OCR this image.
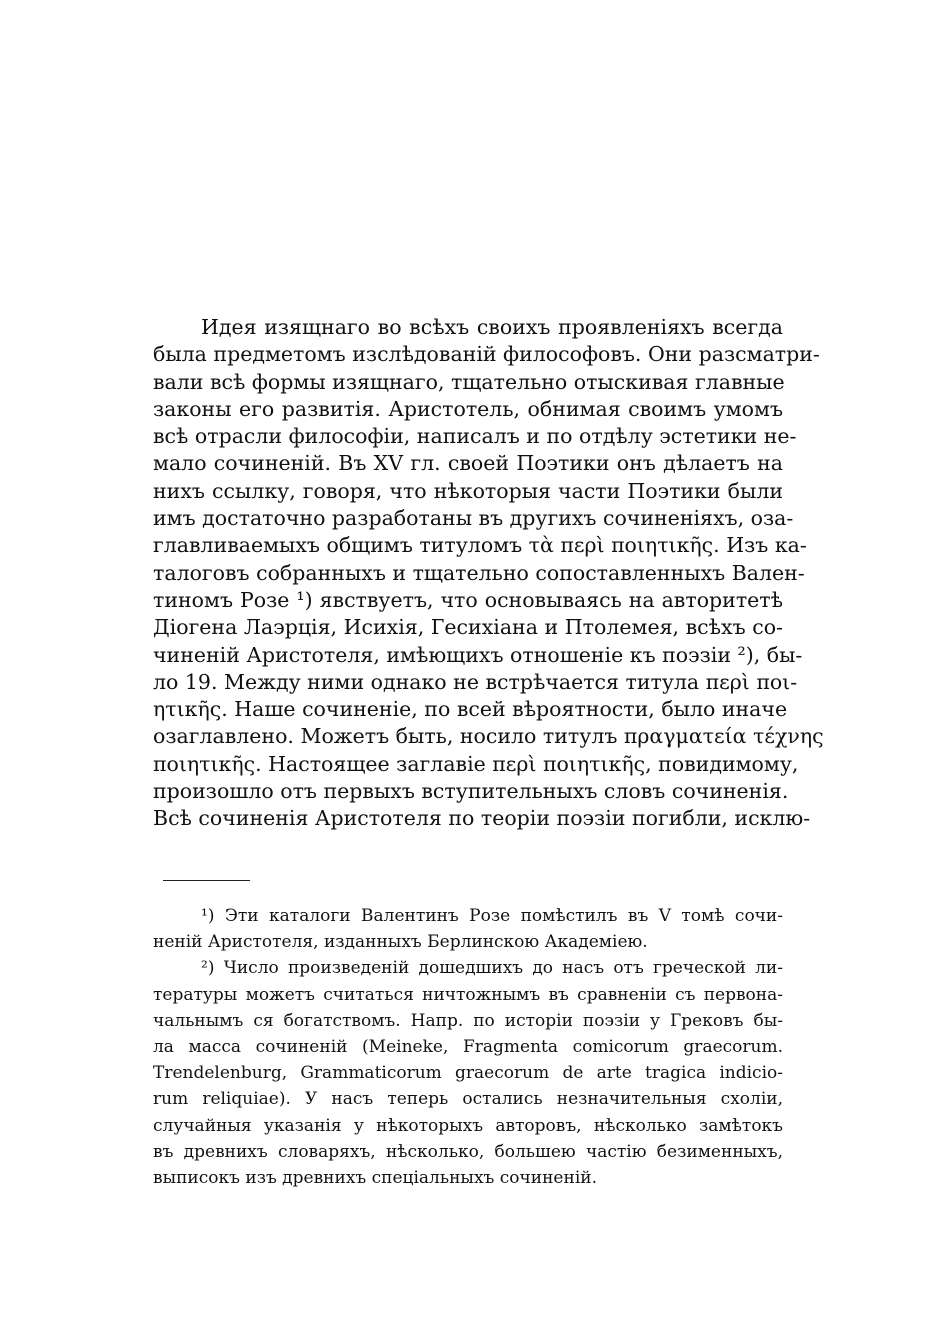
Идея изящнаго во всѣхъ своихъ проявленіяхъ всегда
была предметомъ изслѣдованій философовъ. Они разсматри-
вали всѣ формы изящнаго, тщательно отыскивая главные
законы его развитія. Аристотель, обнимая своимъ умомъ
всѣ отрасли философіи, написалъ и по отдѣлу эстетики не-
мало сочиненій. Въ XV гл. своей Поэтики онъ дѣлаетъ на
нихъ ссылку, говоря, что нѣкоторыя части Поэтики были
имъ достаточно разработаны въ другихъ сочиненіяхъ, оза-
главливаемыхъ общимъ титуломъ τὰ περὶ ποιητικῆς. Изъ ка-
талоговъ собранныхъ и тщательно сопоставленныхъ Вален-
тиномъ Розе ¹) явствуетъ, что основываясь на авторитетѣ
Діогена Лаэрція, Исихія, Гесихіана и Птолемея, всѣхъ со-
чиненій Аристотеля, имѣющихъ отношеніе къ поэзіи ²), бы-
ло 19. Между ними однако не встрѣчается титула περὶ ποι-
ητικῆς. Наше сочиненіе, по всей вѣроятности, было иначе
озаглавлено. Можетъ быть, носило титулъ πραγματεία τέχνης
ποιητικῆς. Настоящее заглавіе περὶ ποιητικῆς, повидимому,
произошло отъ первыхъ вступительныхъ словъ сочиненія.
Всѣ сочиненія Аристотеля по теоріи поэзіи погибли, исклю-
¹) Эти каталоги Валентинъ Розе помѣстилъ въ V томѣ сочи-
неній Аристотеля, изданныхъ Берлинскою Академіею.
²) Число произведеній дошедшихъ до насъ отъ греческой ли-
тературы можетъ считаться ничтожнымъ въ сравненіи съ первона-
чальнымъ ся богатствомъ. Напр. по исторіи поэзіи у Грековъ бы-
ла масса сочиненій (Meineke, Fragmenta comicorum graecorum.
Trendelenburg, Grammaticorum graecorum de arte tragica indicio-
rum reliquiae). У насъ теперь остались незначительныя схоліи,
случайныя указанія у нѣкоторыхъ авторовъ, нѣсколько замѣтокъ
въ древнихъ словаряхъ, нѣсколько, большею частію безименныхъ,
выписокъ изъ древнихъ спеціальныхъ сочиненій.
